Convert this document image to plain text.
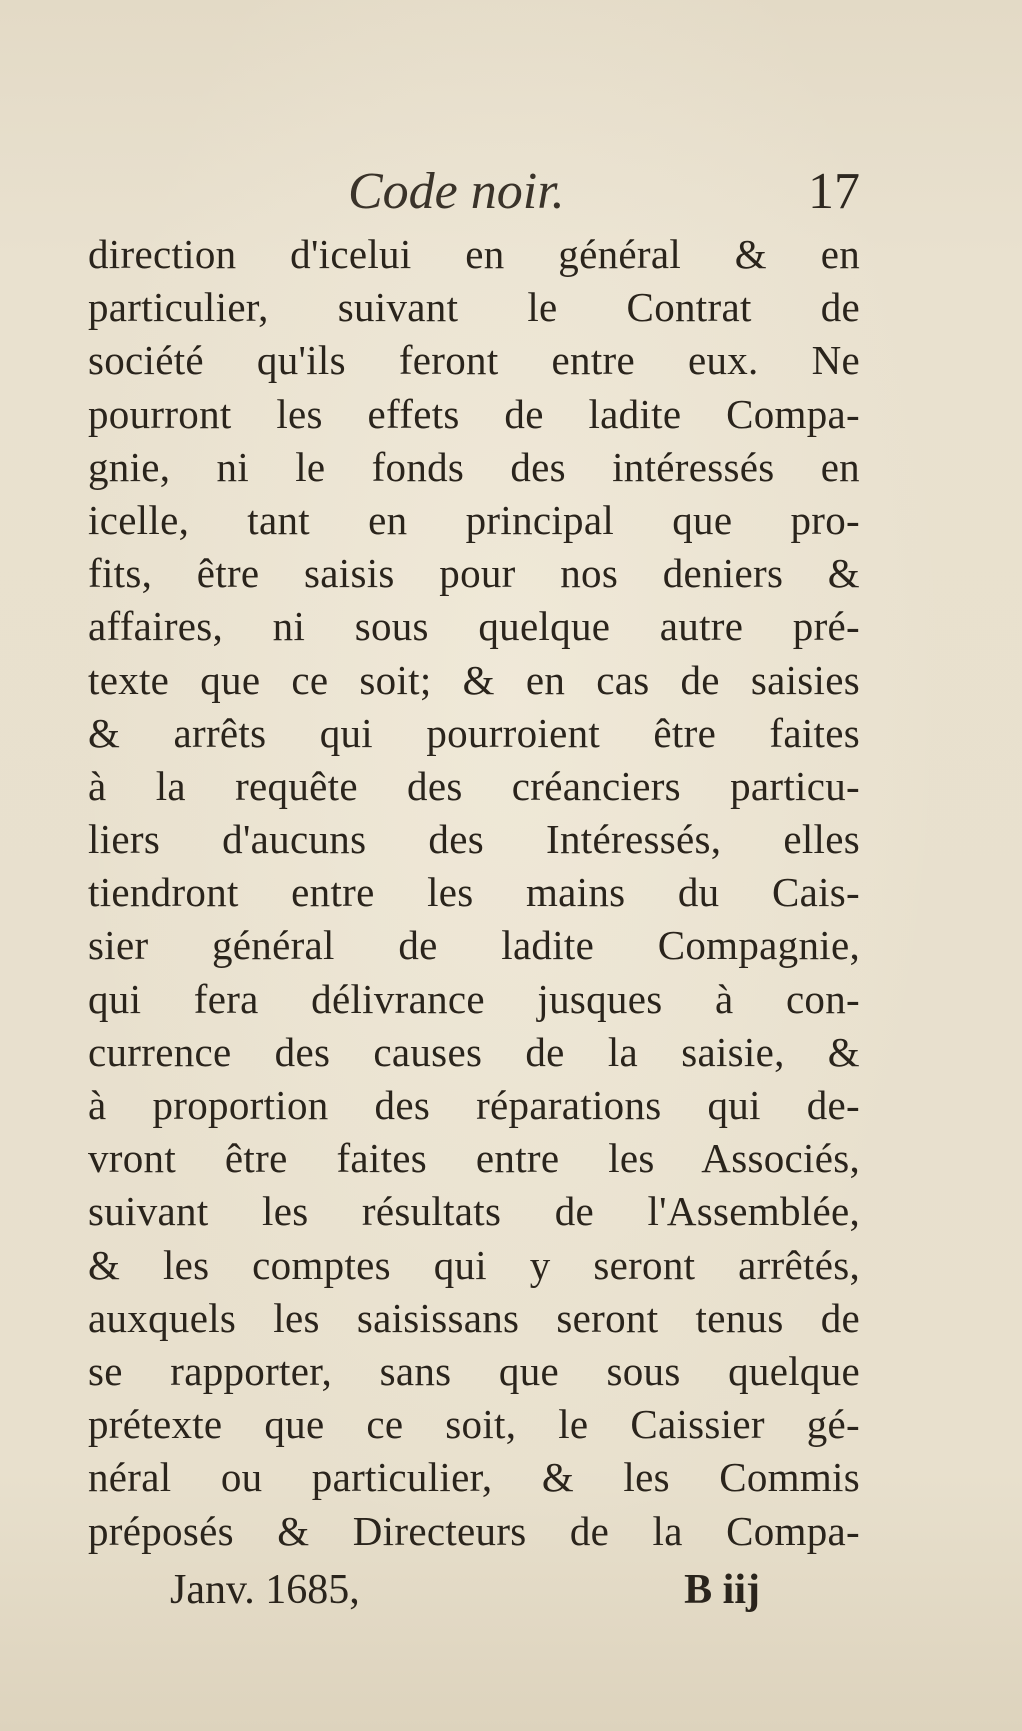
Code noir.	17
direction d'icelui en général & en
particulier, suivant le Contrat de
société qu'ils feront entre eux. Ne
pourront les effets de ladite Compa-
gnie, ni le fonds des intéressés en
icelle, tant en principal que pro-
fits, être saisis pour nos deniers &
affaires, ni sous quelque autre pré-
texte que ce soit; & en cas de saisies
& arrêts qui pourroient être faites
à la requête des créanciers particu-
liers d'aucuns des Intéressés, elles
tiendront entre les mains du Cais-
sier général de ladite Compagnie,
qui fera délivrance jusques à con-
currence des causes de la saisie, &
à proportion des réparations qui de-
vront être faites entre les Associés,
suivant les résultats de l'Assemblée,
& les comptes qui y seront arrêtés,
auxquels les saisissans seront tenus de
se rapporter, sans que sous quelque
prétexte que ce soit, le Caissier gé-
néral ou particulier, & les Commis
préposés & Directeurs de la Compa-
Janv. 1685,	B iij
